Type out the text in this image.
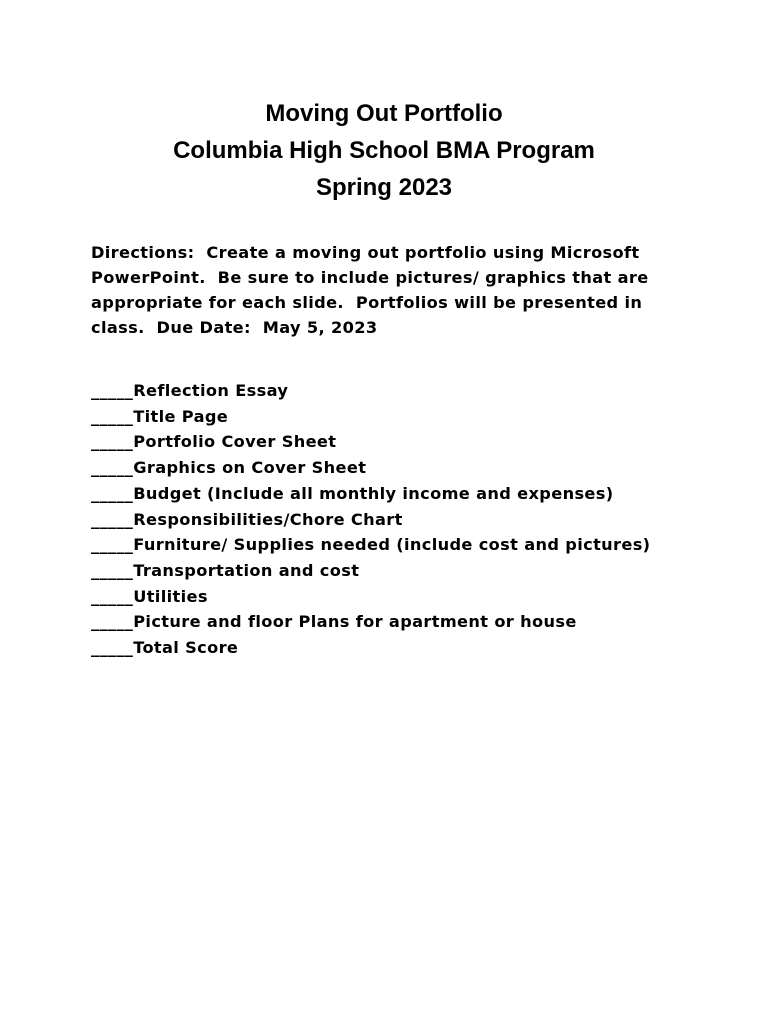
Moving Out Portfolio
Columbia High School BMA Program
Spring 2023
Directions:  Create a moving out portfolio using Microsoft
PowerPoint.  Be sure to include pictures/ graphics that are
appropriate for each slide.  Portfolios will be presented in
class.  Due Date:  May 5, 2023
_____Reflection Essay
_____Title Page
_____Portfolio Cover Sheet
_____Graphics on Cover Sheet
_____Budget (Include all monthly income and expenses)
_____Responsibilities/Chore Chart
_____Furniture/ Supplies needed (include cost and pictures)
_____Transportation and cost
_____Utilities
_____Picture and floor Plans for apartment or house
_____Total Score
